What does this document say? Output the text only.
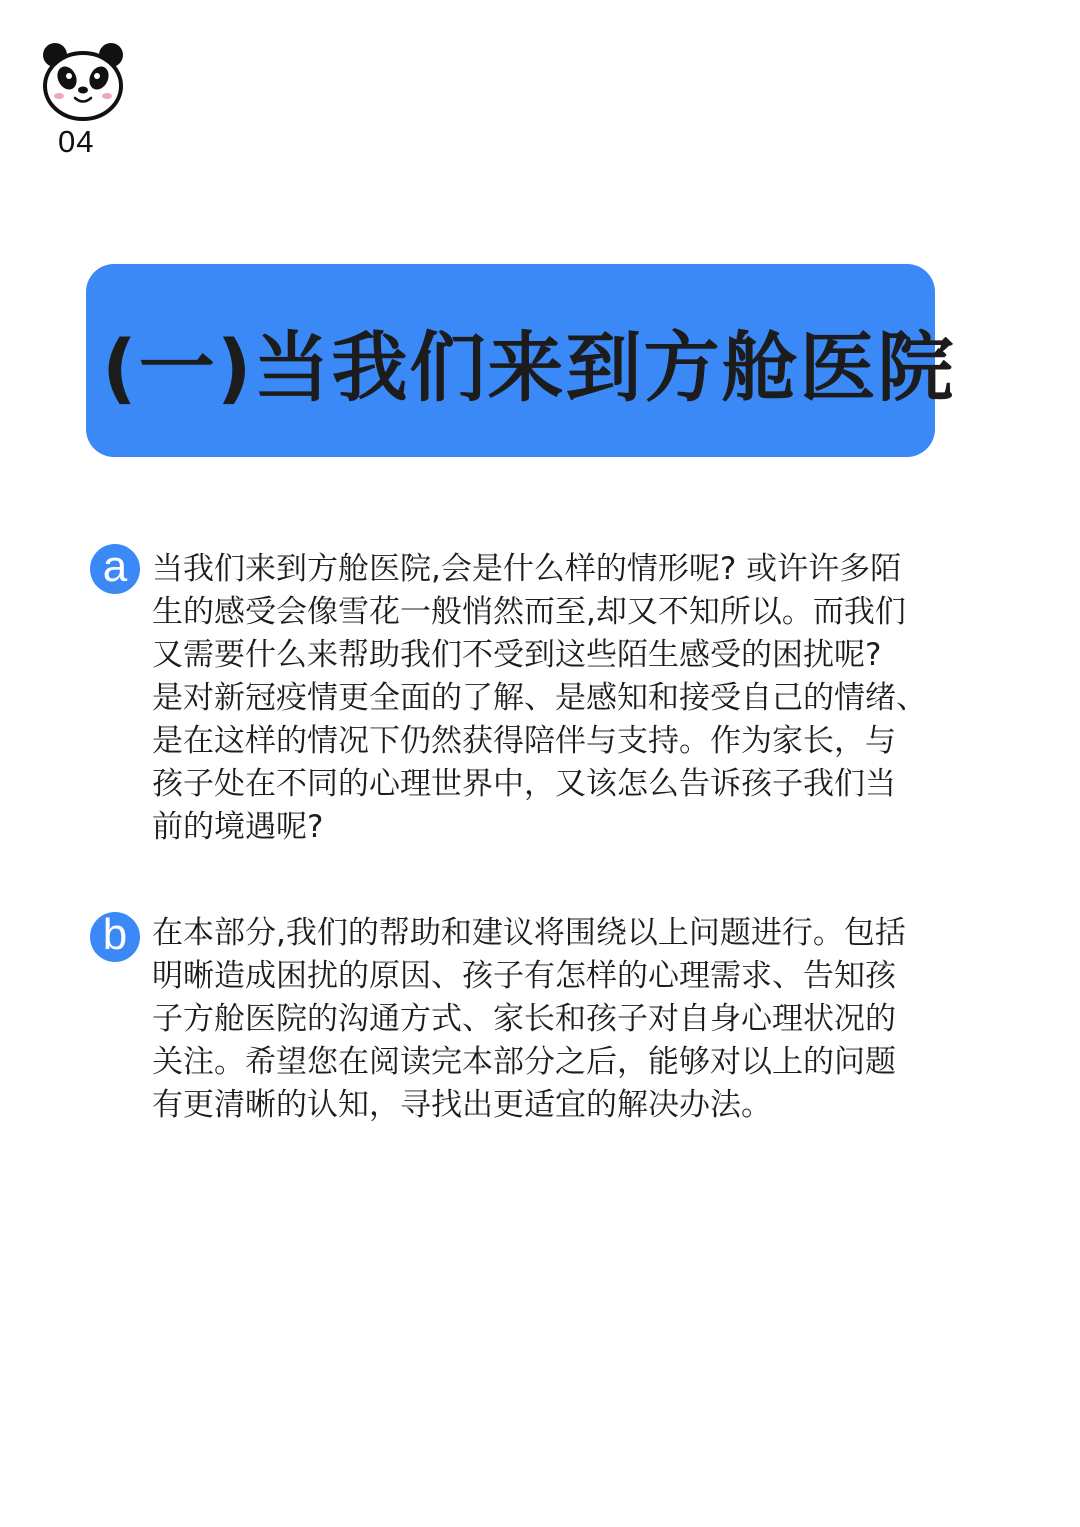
04
(一)当我们来到方舱医院
a 当我们来到方舱医院,会是什么样的情形呢? 或许许多陌
生的感受会像雪花一般悄然而至,却又不知所以。而我们
又需要什么来帮助我们不受到这些陌生感受的困扰呢?
是对新冠疫情更全面的了解、是感知和接受自己的情绪、
是在这样的情况下仍然获得陪伴与支持。作为家长，与
孩子处在不同的心理世界中，又该怎么告诉孩子我们当
前的境遇呢?
b 在本部分,我们的帮助和建议将围绕以上问题进行。包括
明晰造成困扰的原因、孩子有怎样的心理需求、告知孩
子方舱医院的沟通方式、家长和孩子对自身心理状况的
关注。希望您在阅读完本部分之后，能够对以上的问题
有更清晰的认知，寻找出更适宜的解决办法。
